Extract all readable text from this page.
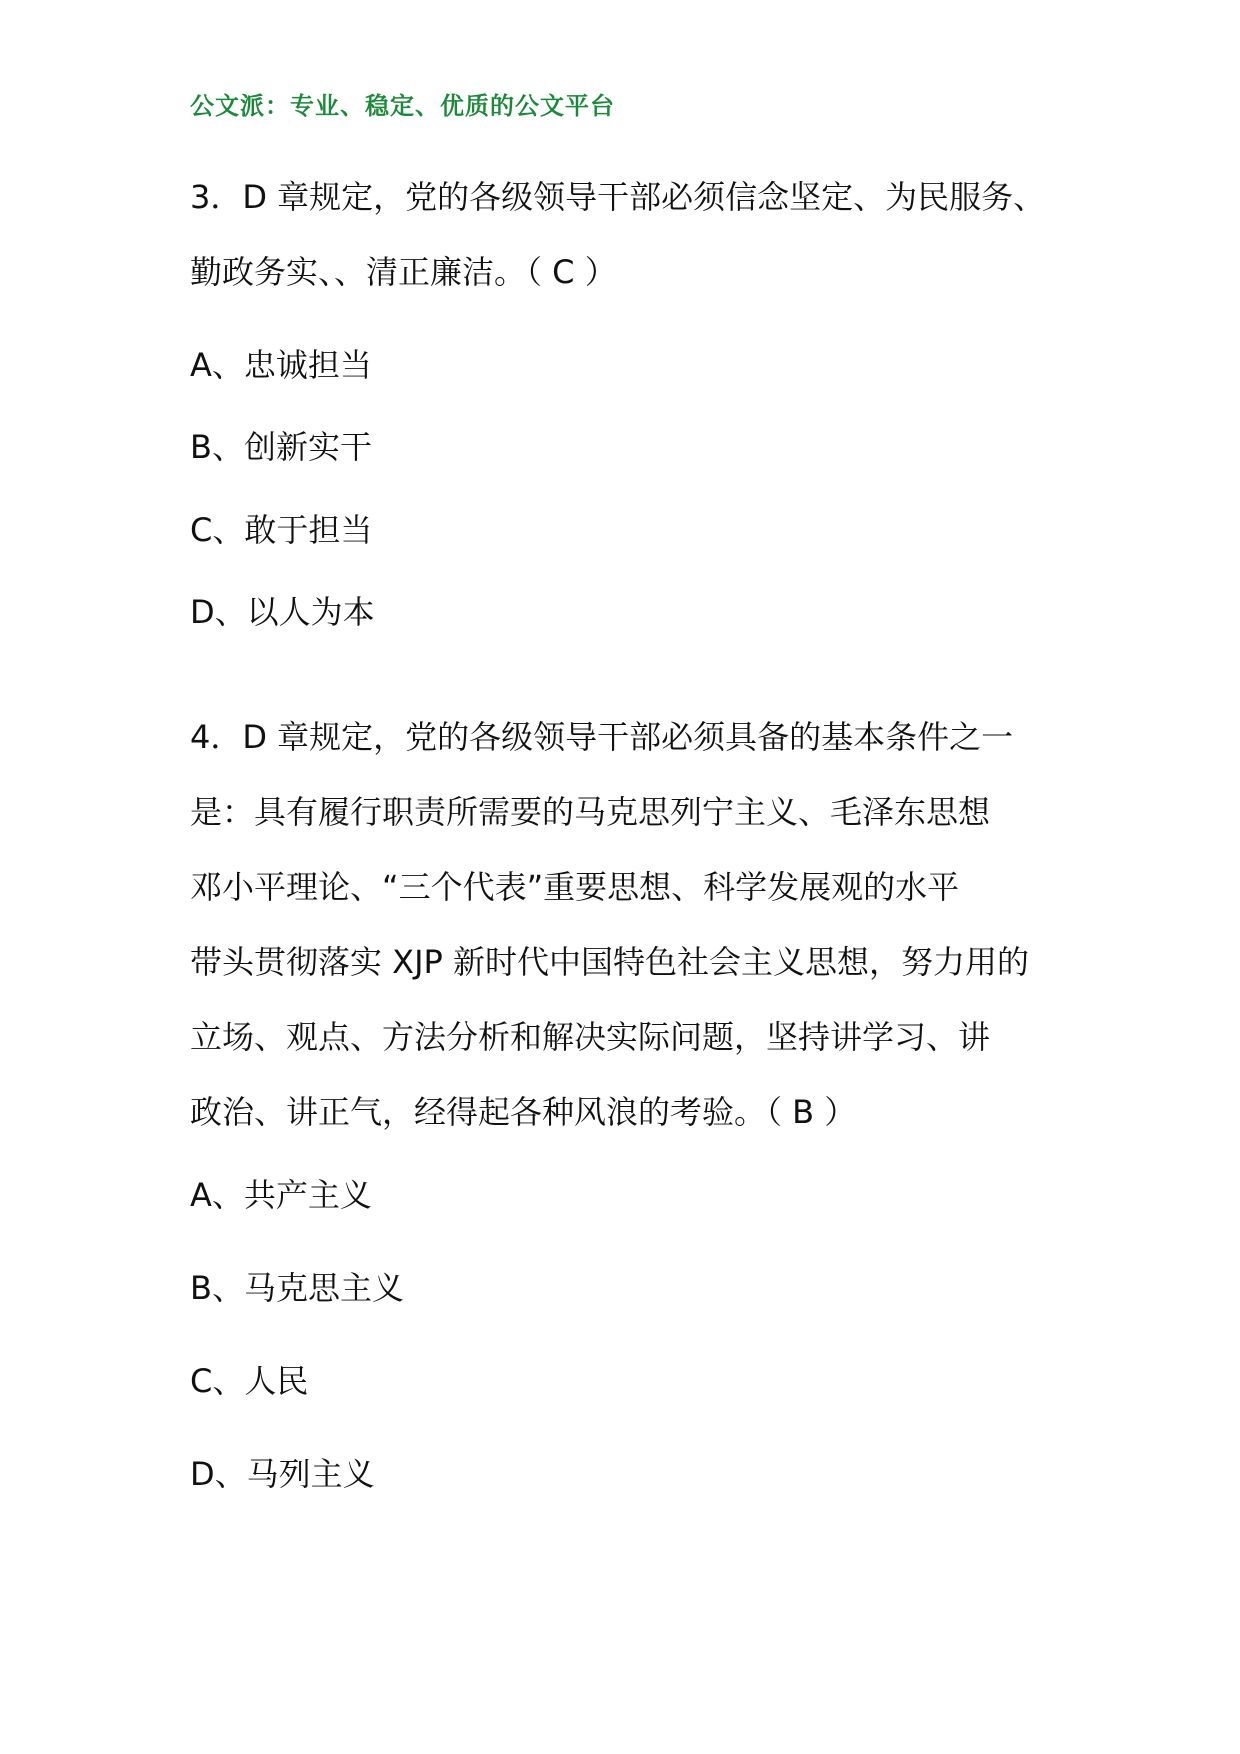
公文派：专业、稳定、优质的公文平台
3．D 章规定，党的各级领导干部必须信念坚定、为民服务、
勤政务实、、清正廉洁。（ C ）
A、忠诚担当
B、创新实干
C、敢于担当
D、以人为本
4．D 章规定，党的各级领导干部必须具备的基本条件之一
是：具有履行职责所需要的马克思列宁主义、毛泽东思想
邓小平理论、“三个代表”重要思想、科学发展观的水平
带头贯彻落实 XJP 新时代中国特色社会主义思想，努力用的
立场、观点、方法分析和解决实际问题，坚持讲学习、讲
政治、讲正气，经得起各种风浪的考验。（ B ）
A、共产主义
B、马克思主义
C、人民
D、马列主义
